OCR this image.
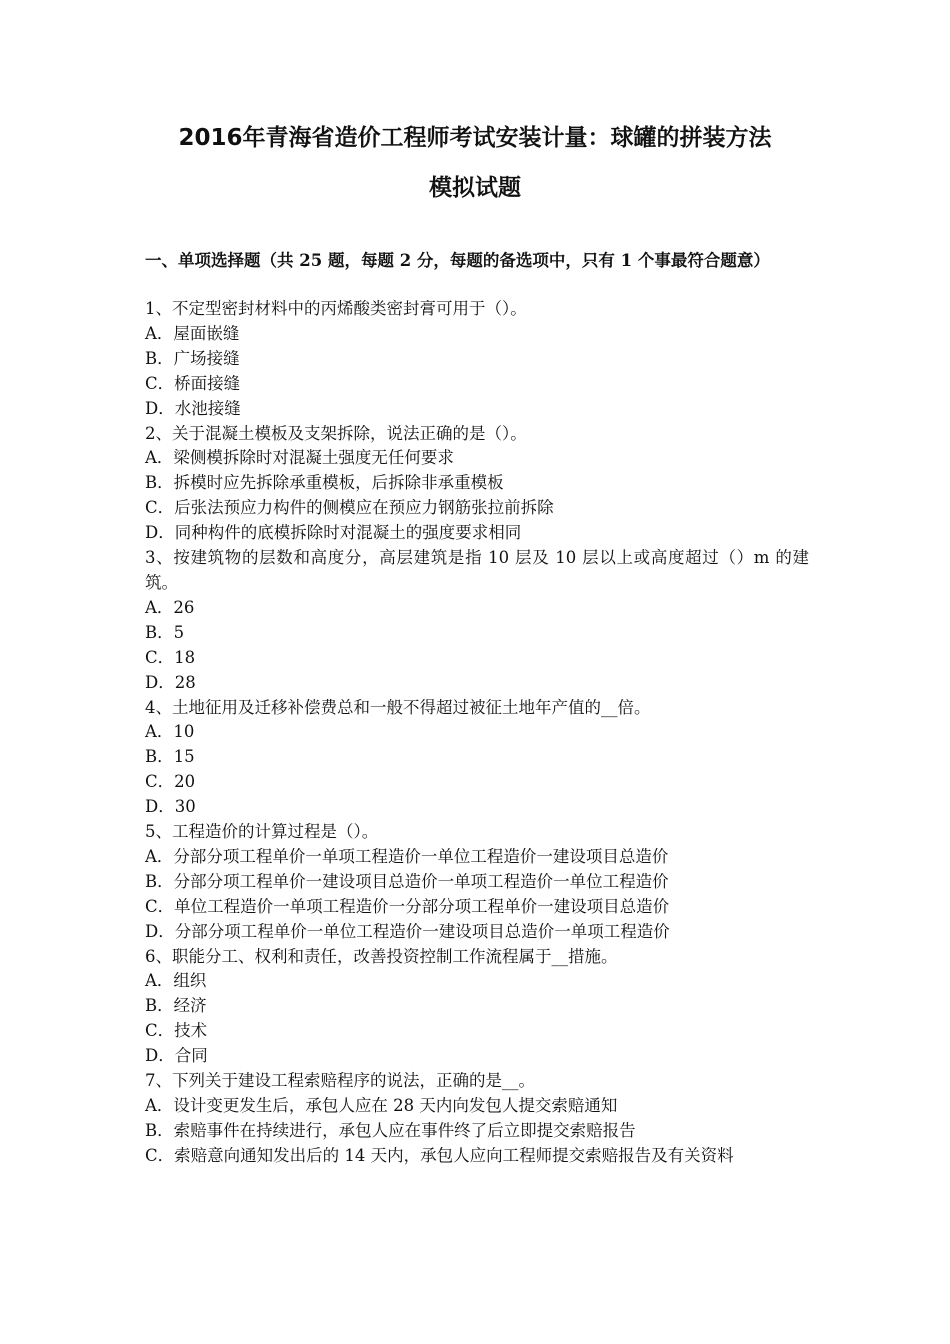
2016年青海省造价工程师考试安装计量：球罐的拼装方法
模拟试题
一、单项选择题（共 25 题，每题 2 分，每题的备选项中，只有 1 个事最符合题意）
1、不定型密封材料中的丙烯酸类密封膏可用于（）。
A．屋面嵌缝
B．广场接缝
C．桥面接缝
D．水池接缝
2、关于混凝土模板及支架拆除，说法正确的是（）。
A．梁侧模拆除时对混凝土强度无任何要求
B．拆模时应先拆除承重模板，后拆除非承重模板
C．后张法预应力构件的侧模应在预应力钢筋张拉前拆除
D．同种构件的底模拆除时对混凝土的强度要求相同
3、按建筑物的层数和高度分，高层建筑是指 10 层及 10 层以上或高度超过（）m 的建筑。
A．26
B．5
C．18
D．28
4、土地征用及迁移补偿费总和一般不得超过被征土地年产值的__倍。
A．10
B．15
C．20
D．30
5、工程造价的计算过程是（）。
A．分部分项工程单价一单项工程造价一单位工程造价一建设项目总造价
B．分部分项工程单价一建设项目总造价一单项工程造价一单位工程造价
C．单位工程造价一单项工程造价一分部分项工程单价一建设项目总造价
D．分部分项工程单价一单位工程造价一建设项目总造价一单项工程造价
6、职能分工、权利和责任，改善投资控制工作流程属于__措施。
A．组织
B．经济
C．技术
D．合同
7、下列关于建设工程索赔程序的说法，正确的是__。
A．设计变更发生后，承包人应在 28 天内向发包人提交索赔通知
B．索赔事件在持续进行，承包人应在事件终了后立即提交索赔报告
C．索赔意向通知发出后的 14 天内，承包人应向工程师提交索赔报告及有关资料
